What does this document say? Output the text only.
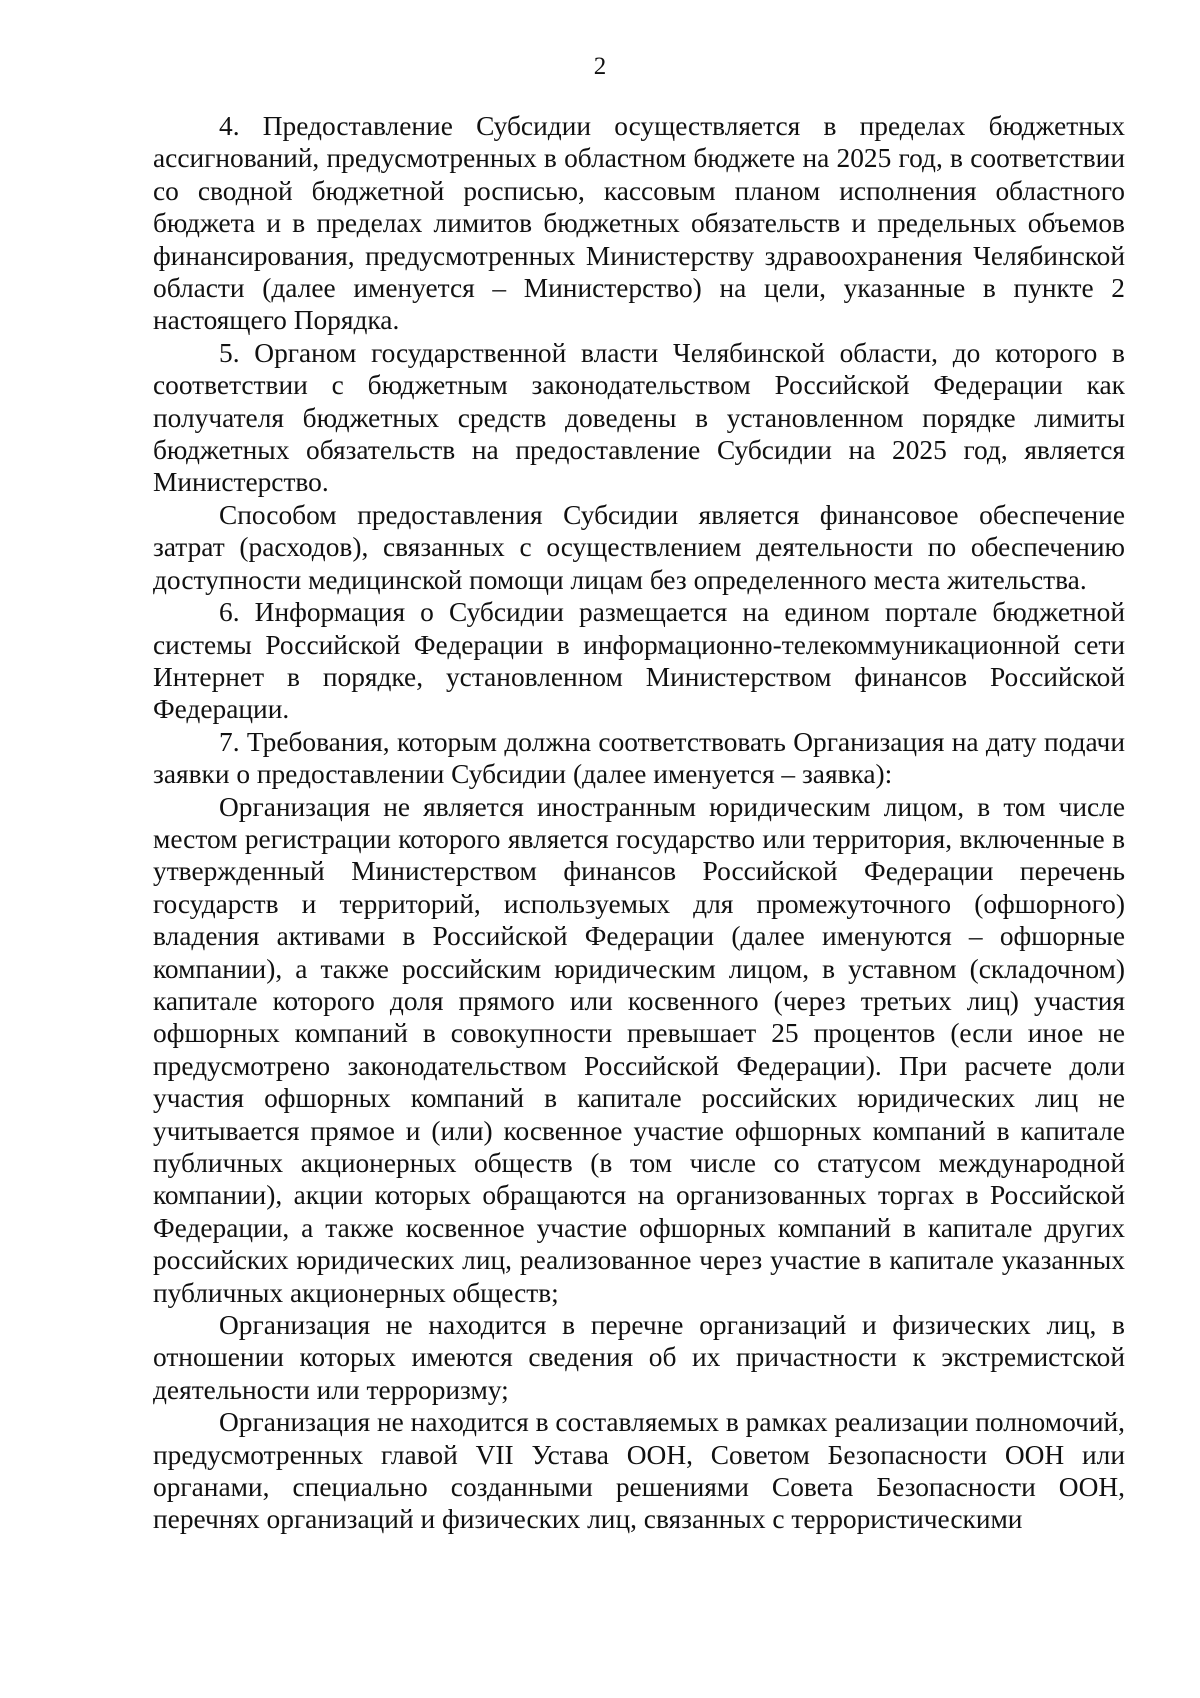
2

4. Предоставление Субсидии осуществляется в пределах бюджетных ассигнований, предусмотренных в областном бюджете на 2025 год, в соответствии со сводной бюджетной росписью, кассовым планом исполнения областного бюджета и в пределах лимитов бюджетных обязательств и предельных объемов финансирования, предусмотренных Министерству здравоохранения Челябинской области (далее именуется – Министерство) на цели, указанные в пункте 2 настоящего Порядка.

5. Органом государственной власти Челябинской области, до которого в соответствии с бюджетным законодательством Российской Федерации как получателя бюджетных средств доведены в установленном порядке лимиты бюджетных обязательств на предоставление Субсидии на 2025 год, является Министерство.

Способом предоставления Субсидии является финансовое обеспечение затрат (расходов), связанных с осуществлением деятельности по обеспечению доступности медицинской помощи лицам без определенного места жительства.

6. Информация о Субсидии размещается на едином портале бюджетной системы Российской Федерации в информационно-телекоммуникационной сети Интернет в порядке, установленном Министерством финансов Российской Федерации.

7. Требования, которым должна соответствовать Организация на дату подачи заявки о предоставлении Субсидии (далее именуется – заявка):

Организация не является иностранным юридическим лицом, в том числе местом регистрации которого является государство или территория, включенные в утвержденный Министерством финансов Российской Федерации перечень государств и территорий, используемых для промежуточного (офшорного) владения активами в Российской Федерации (далее именуются – офшорные компании), а также российским юридическим лицом, в уставном (складочном) капитале которого доля прямого или косвенного (через третьих лиц) участия офшорных компаний в совокупности превышает 25 процентов (если иное не предусмотрено законодательством Российской Федерации). При расчете доли участия офшорных компаний в капитале российских юридических лиц не учитывается прямое и (или) косвенное участие офшорных компаний в капитале публичных акционерных обществ (в том числе со статусом международной компании), акции которых обращаются на организованных торгах в Российской Федерации, а также косвенное участие офшорных компаний в капитале других российских юридических лиц, реализованное через участие в капитале указанных публичных акционерных обществ;

Организация не находится в перечне организаций и физических лиц, в отношении которых имеются сведения об их причастности к экстремистской деятельности или терроризму;

Организация не находится в составляемых в рамках реализации полномочий, предусмотренных главой VII Устава ООН, Советом Безопасности ООН или органами, специально созданными решениями Совета Безопасности ООН, перечнях организаций и физических лиц, связанных с террористическими
